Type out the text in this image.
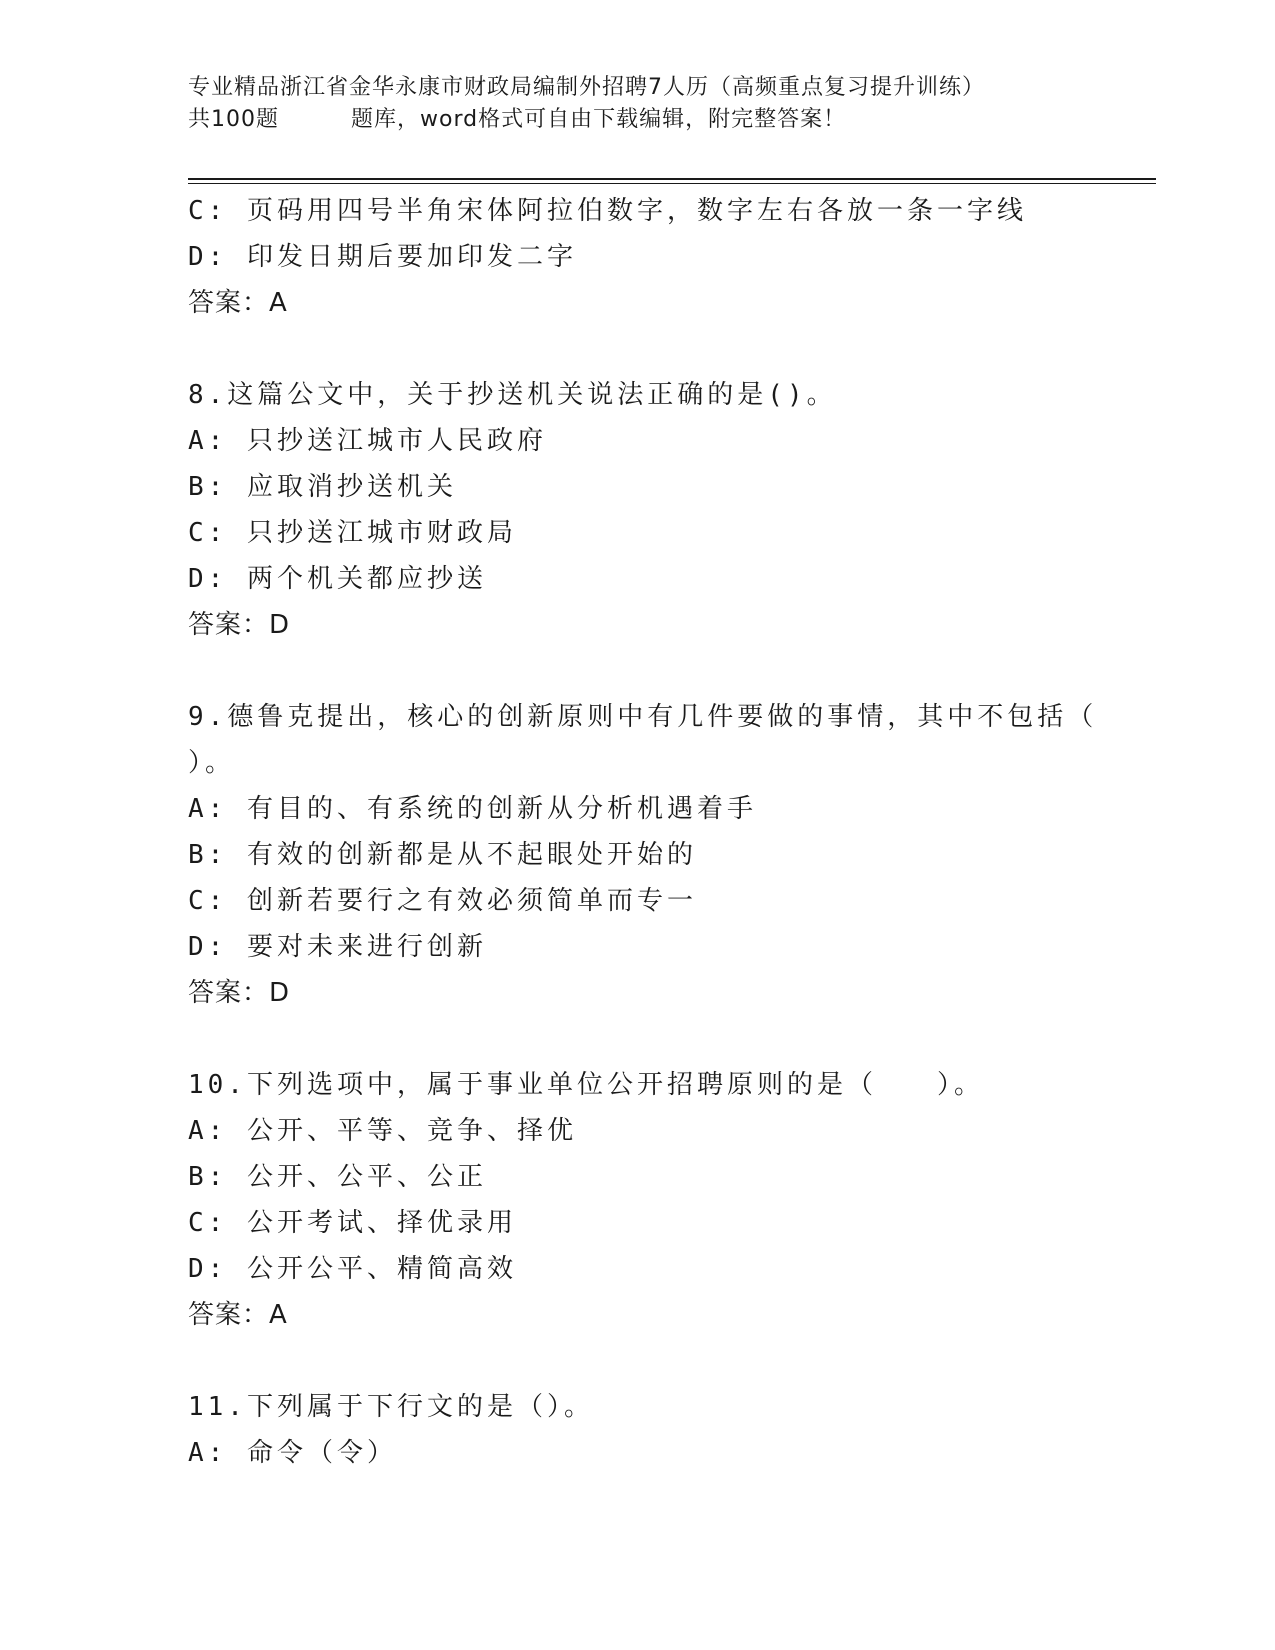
专业精品浙江省金华永康市财政局编制外招聘7人历（高频重点复习提升训练）
共100题	题库，word格式可自由下载编辑，附完整答案！
C: 页码用四号半角宋体阿拉伯数字，数字左右各放一条一字线
D: 印发日期后要加印发二字
答案：A
8.这篇公文中，关于抄送机关说法正确的是()。
A: 只抄送江城市人民政府
B: 应取消抄送机关
C: 只抄送江城市财政局
D: 两个机关都应抄送
答案：D
9.德鲁克提出，核心的创新原则中有几件要做的事情，其中不包括（
）。
A: 有目的、有系统的创新从分析机遇着手
B: 有效的创新都是从不起眼处开始的
C: 创新若要行之有效必须简单而专一
D: 要对未来进行创新
答案：D
10.下列选项中，属于事业单位公开招聘原则的是（　　）。
A: 公开、平等、竞争、择优
B: 公开、公平、公正
C: 公开考试、择优录用
D: 公开公平、精简高效
答案：A
11.下列属于下行文的是（）。
A: 命令（令）
